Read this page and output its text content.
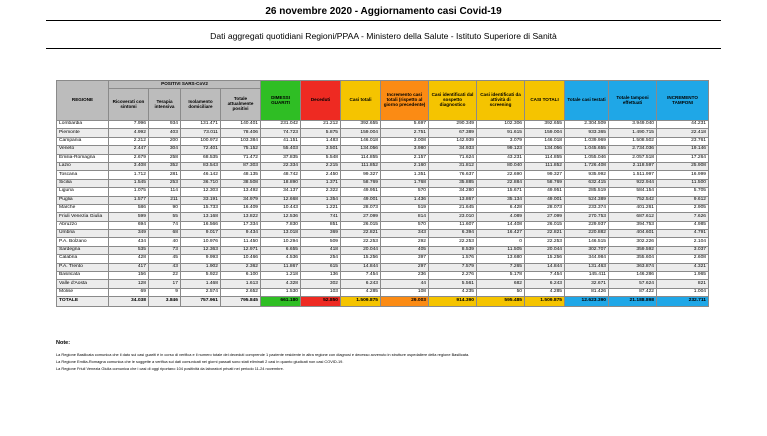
26 novembre 2020 - Aggiornamento casi Covid-19
Dati aggregati quotidiani Regioni/PPAA - Ministero della Salute - Istituto Superiore di Sanità
REGIONE	POSITIVI SARS-CoV2				DIMESSI GUARITI	Deceduti	Casi totali	Incremento casi totali (rispetto al giorno precedente)	Casi identificati dal sospetto diagnostico	Casi identificati da attività di screening	CASI TOTALI	Totale casi testati	Totale tamponi effettuati	INCREMENTO TAMPONI
	Ricoverati con sintomi	Terapia intensiva	Isolamento domiciliare	Totale attualmente positivi										
Lombardia	7.996	934	131.471	140.401	231.042	21.212	392.655	5.697	290.349	102.306	392.655	2.304.509	3.949.040	44.231
Piemonte	4.992	403	73.011	78.406	74.723	5.875	159.004	2.751	67.389	91.615	159.004	933.365	1.490.715	22.418
Campania	2.212	200	100.972	103.384	41.151	1.483	146.018	3.008	142.939	3.079	146.018	1.039.969	1.508.502	23.761
Veneto	2.447	304	72.401	75.152	55.403	3.501	134.056	3.980	34.933	99.123	134.056	1.045.655	2.734.036	19.146
Emilia-Romagna	2.679	258	68.535	71.472	37.835	5.548	114.855	2.157	71.624	43.231	114.855	1.055.046	2.057.518	17.264
Lazio	3.408	352	83.543	87.303	22.334	2.215	111.852	2.160	31.812	80.040	111.852	1.726.408	2.118.597	25.908
Toscana	1.712	281	46.142	48.135	48.742	2.450	99.327	1.351	76.637	22.690	99.327	935.992	1.511.997	16.999
Sicilia	1.545	253	36.710	38.508	18.890	1.371	58.769	1.768	35.885	22.884	58.769	632.415	922.944	11.500
Liguria	1.075	114	12.303	13.492	34.137	2.322	49.951	570	34.280	15.671	49.951	285.519	584.154	5.705
Puglia	1.577	211	33.191	34.979	12.668	1.354	49.001	1.436	13.867	35.134	49.001	524.389	752.542	9.612
Marche	586	90	15.733	16.409	10.443	1.221	28.073	519	21.645	6.428	28.073	233.374	401.261	2.905
Friuli Venezia Giulia	599	55	13.168	13.822	12.536	741	27.099	814	23.010	4.089	27.099	270.753	687.612	7.626
Abruzzo	694	74	16.566	17.334	7.830	851	26.015	570	11.607	14.408	26.015	229.937	394.753	4.985
Umbria	349	68	9.017	9.434	13.018	369	22.821	343	6.394	16.427	22.821	220.882	404.601	4.791
P.A. Bolzano	434	40	10.976	11.450	10.294	509	22.253	292	22.253	0	22.253	146.515	302.226	2.104
Sardegna	535	73	12.363	12.971	6.655	418	20.044	405	8.539	11.505	20.044	302.707	359.592	3.037
Calabria	428	45	9.993	10.466	4.536	254	15.256	397	1.576	13.680	15.256	344.984	355.604	2.608
P.A. Trento	417	43	1.902	2.362	11.867	615	14.844	297	7.579	7.265	14.844	131.463	363.874	4.321
Basilicata	156	22	5.922	6.100	1.218	136	7.454	236	2.276	5.178	7.454	145.411	146.286	1.965
Valle d'Aosta	128	17	1.468	1.613	4.328	302	6.243	44	5.561	682	6.243	32.671	57.624	821
Molise	69	9	2.574	2.652	1.530	103	4.285	108	4.235	50	4.285	81.426	87.422	1.004
TOTALE	34.038	3.846	757.961	795.845	661.180	52.850	1.509.875	29.003	914.390	595.485	1.509.875	12.623.390	21.188.898	232.711
Note:
La Regione Basilicata comunica che il dato sui casi guariti è in corso di verifica e il numero totale dei deceduti comprende 1 paziente residente in altra regione con diagnosi e decesso avvenuto in strutture ospedaliere della regione Basilicata.
La Regione Emilia-Romagna comunica che le soggette a verifica sui dati comunicati nei giorni passati sono stati eliminati 2 casi in quanto giudicati non casi COVID-19.
La Regione Friuli Venezia Giulia comunica che i casi di oggi riportano 104 positività da laboratori privati nei periodo 11-24 novembre.
